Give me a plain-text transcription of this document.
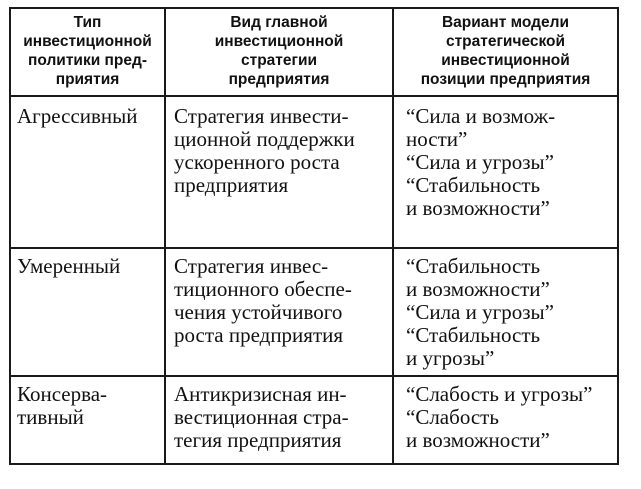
Тип
инвестиционной
политики пред-
приятия	Вид главной
инвестиционной
стратегии
предприятия	Вариант модели
стратегической
инвестиционной
позиции предприятия

Агрессивный	Стратегия инвести-
ционной поддержки
ускоренного роста
предприятия	“Сила и возмож-
ности”
“Сила и угрозы”
“Стабильность
и возможности”

Умеренный	Стратегия инвес-
тиционного обеспе-
чения устойчивого
роста предприятия	“Стабильность
и возможности”
“Сила и угрозы”
“Стабильность
и угрозы”

Консерва-
тивный	Антикризисная ин-
вестиционная стра-
тегия предприятия	“Слабость и угрозы”
“Слабость
и возможности”
